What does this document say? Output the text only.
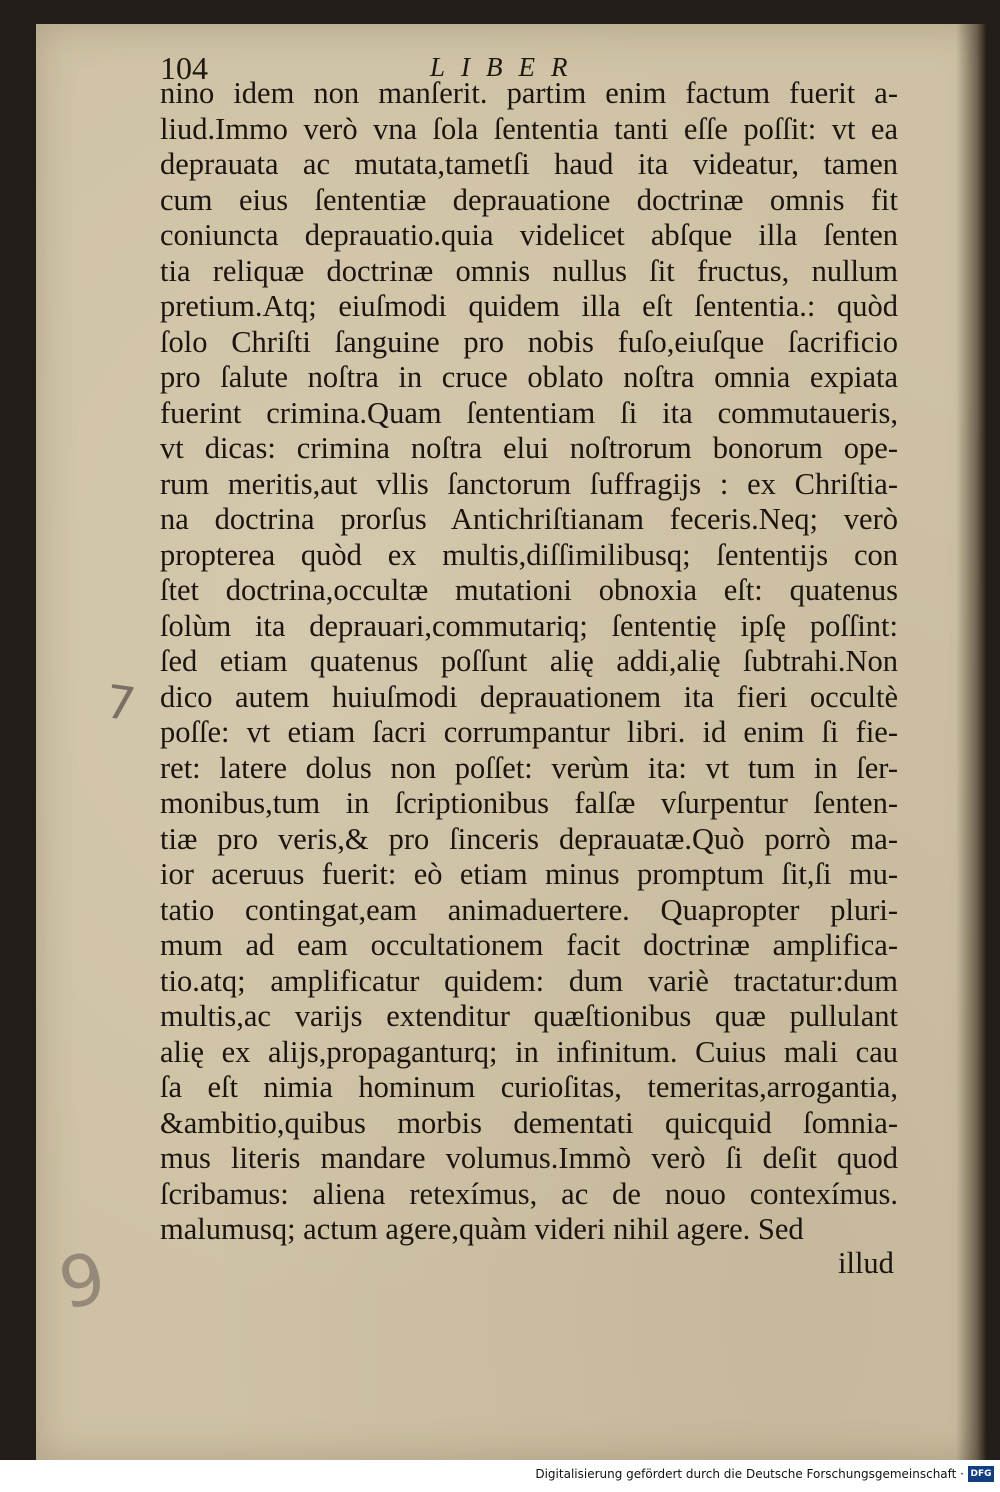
104	LIBER
nino idem non manſerit. partim enim factum fuerit a-
liud.Immo verò vna ſola ſententia tanti eſſe poſſit: vt ea
deprauata ac mutata,tametſi haud ita videatur, tamen
cum eius ſententiæ deprauatione doctrinæ omnis fit
coniuncta deprauatio.quia videlicet abſque illa ſenten
tia reliquæ doctrinæ omnis nullus ſit fructus, nullum
pretium.Atq; eiuſmodi quidem illa eſt ſententia.: quòd
ſolo Chriſti ſanguine pro nobis fuſo,eiuſque ſacrificio
pro ſalute noſtra in cruce oblato noſtra omnia expiata
fuerint crimina.Quam ſententiam ſi ita commutaueris,
vt dicas: crimina noſtra elui noſtrorum bonorum ope-
rum meritis,aut vllis ſanctorum ſuffragijs : ex Chriſtia-
na doctrina prorſus Antichriſtianam feceris.Neq; verò
propterea quòd ex multis,diſſimilibusq; ſententijs con
ſtet doctrina,occultæ mutationi obnoxia eſt: quatenus
ſolùm ita deprauari,commutariq; ſententię ipſę poſſint:
ſed etiam quatenus poſſunt alię addi,alię ſubtrahi.Non
dico autem huiuſmodi deprauationem ita fieri occultè
poſſe: vt etiam ſacri corrumpantur libri. id enim ſi fie-
ret: latere dolus non poſſet: verùm ita: vt tum in ſer-
monibus,tum in ſcriptionibus falſæ vſurpentur ſenten-
tiæ pro veris,& pro ſinceris deprauatæ.Quò porrò ma-
ior aceruus fuerit: eò etiam minus promptum ſit,ſi mu-
tatio contingat,eam animaduertere. Quapropter pluri-
mum ad eam occultationem facit doctrinæ amplifica-
tio.atq; amplificatur quidem: dum variè tractatur:dum
multis,ac varijs extenditur quæſtionibus quæ pullulant
alię ex alijs,propaganturq; in infinitum. Cuius mali cau
ſa eſt nimia hominum curioſitas, temeritas,arrogantia,
&ambitio,quibus morbis dementati quicquid ſomnia-
mus literis mandare volumus.Immò verò ſi deſit quod
ſcribamus: aliena retexímus, ac de nouo contexímus.
malumusq; actum agere,quàm videri nihil agere. Sed
illud
7
9
Digitalisierung gefördert durch die Deutsche Forschungsgemeinschaft · DFG
